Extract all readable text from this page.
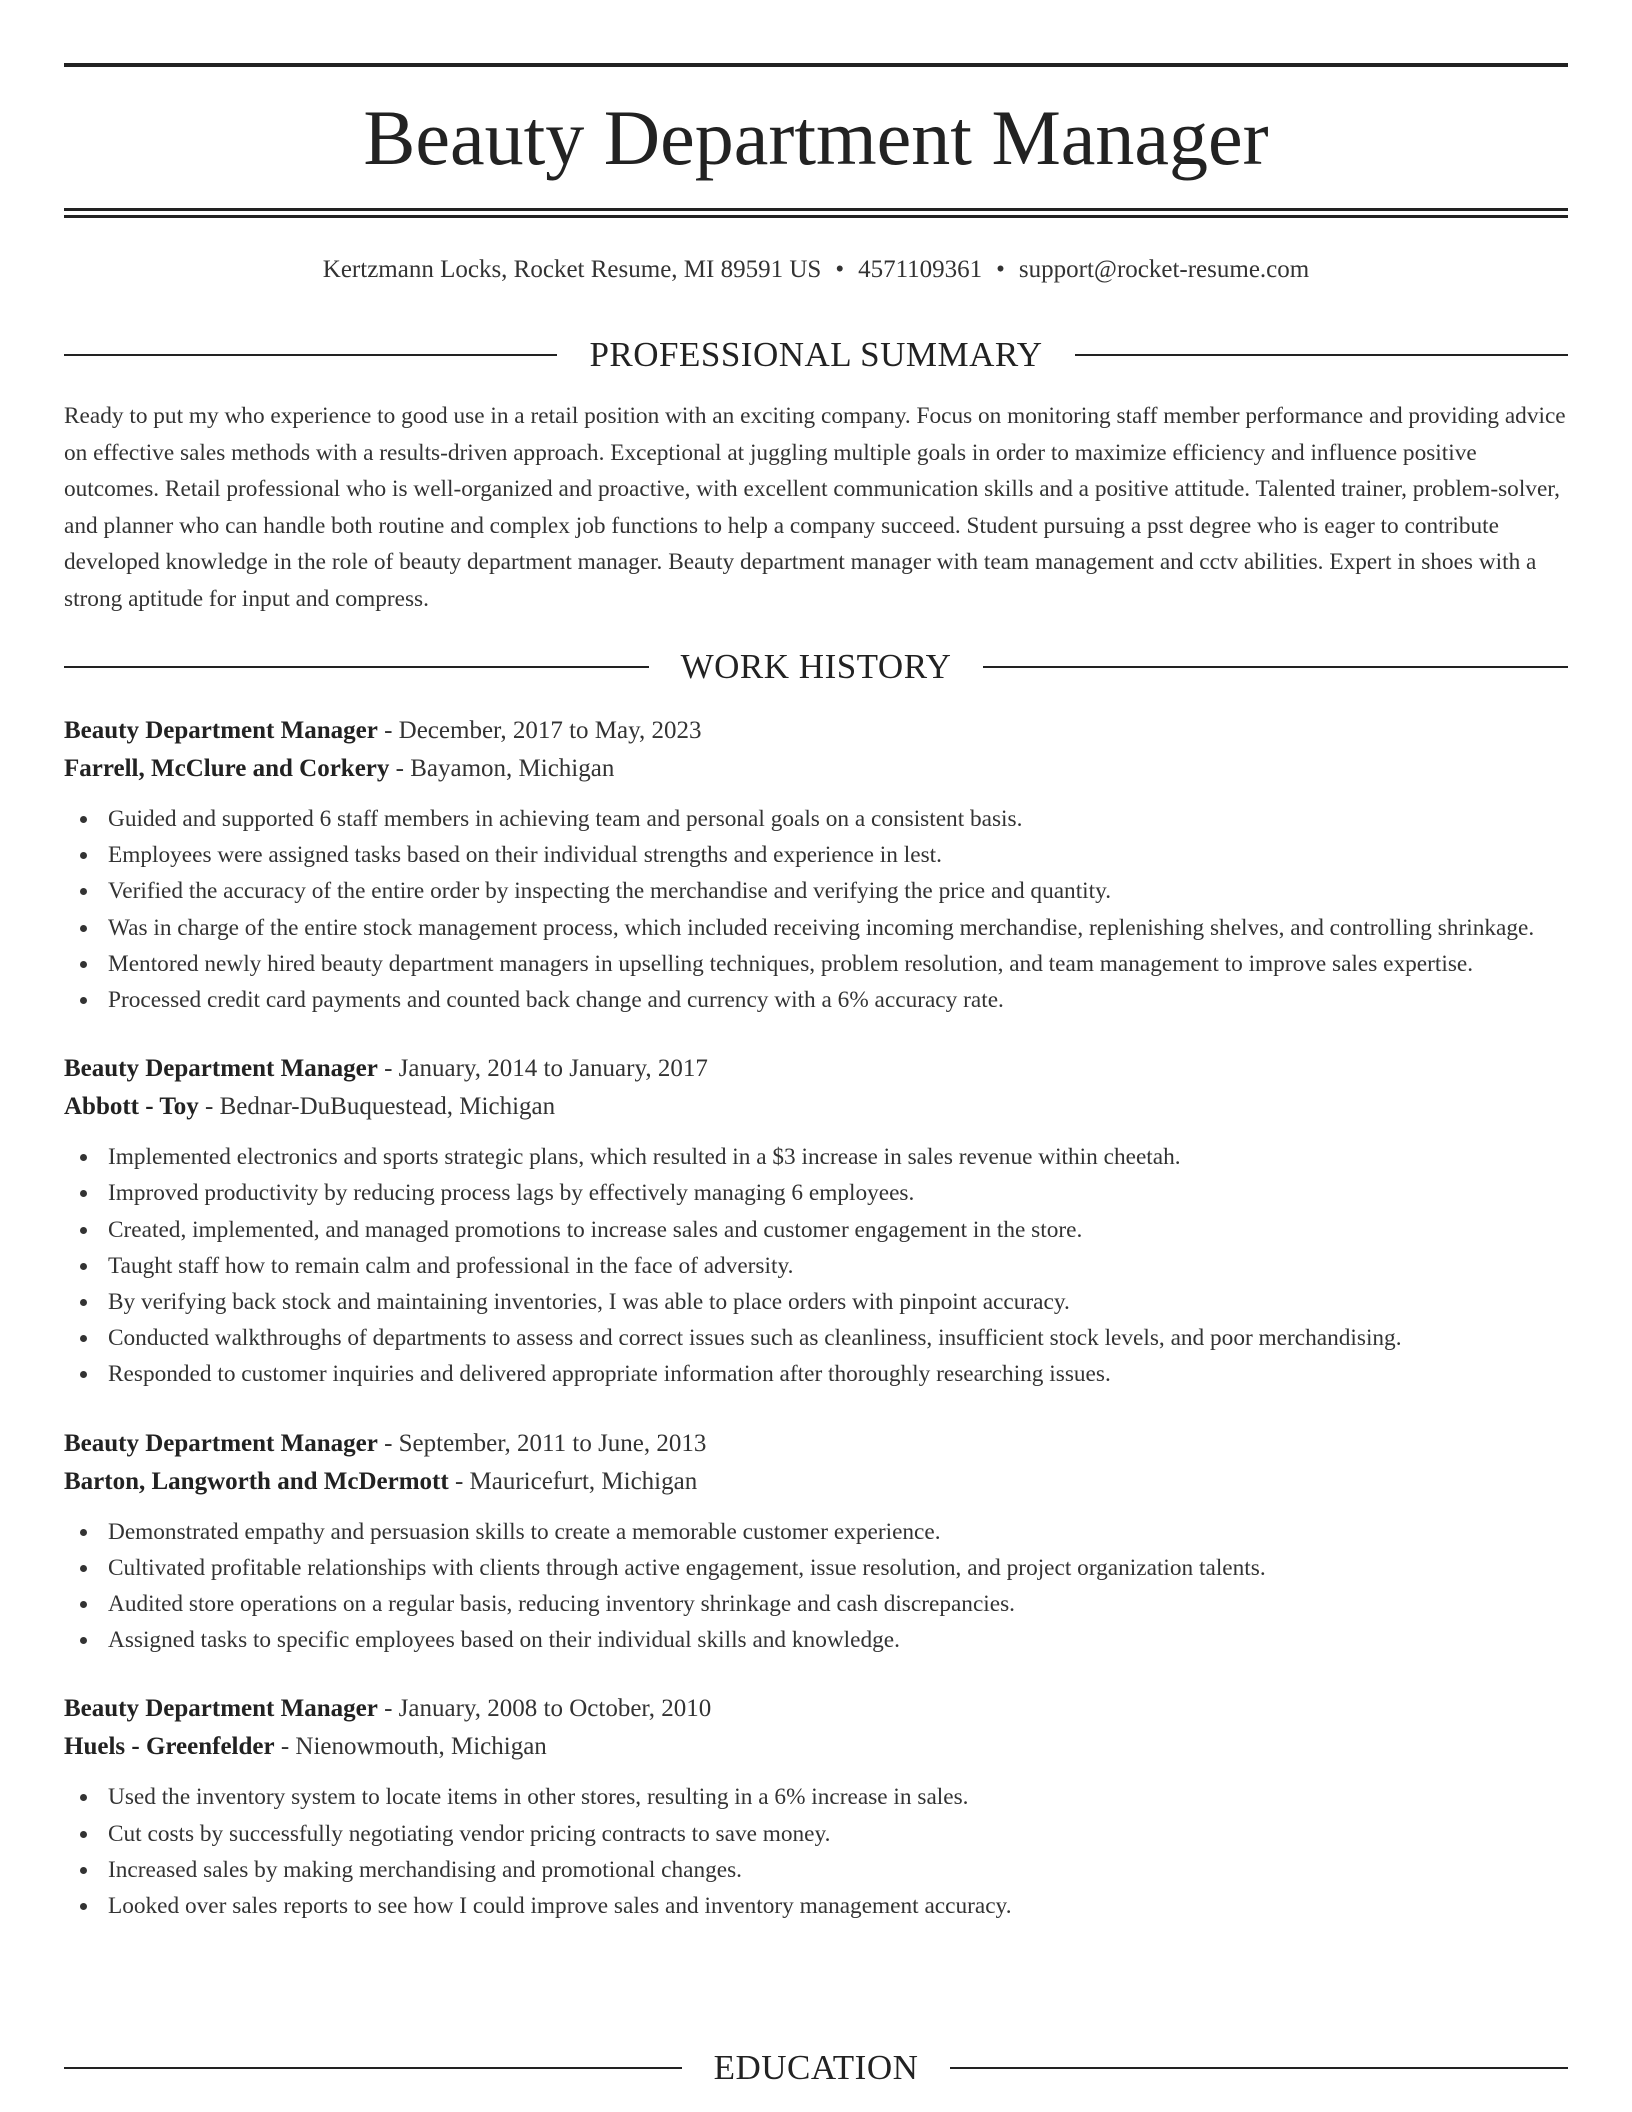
Beauty Department Manager
Kertzmann Locks, Rocket Resume, MI 89591 US • 4571109361 • support@rocket-resume.com
PROFESSIONAL SUMMARY

Ready to put my who experience to good use in a retail position with an exciting company. Focus on monitoring staff member performance and providing advice on effective sales methods with a results-driven approach. Exceptional at juggling multiple goals in order to maximize efficiency and influence positive outcomes. Retail professional who is well-organized and proactive, with excellent communication skills and a positive attitude. Talented trainer, problem-solver, and planner who can handle both routine and complex job functions to help a company succeed. Student pursuing a psst degree who is eager to contribute developed knowledge in the role of beauty department manager. Beauty department manager with team management and cctv abilities. Expert in shoes with a strong aptitude for input and compress.

WORK HISTORY

Beauty Department Manager - December, 2017 to May, 2023

Farrell, McClure and Corkery - Bayamon, Michigan

Guided and supported 6 staff members in achieving team and personal goals on a consistent basis.
Employees were assigned tasks based on their individual strengths and experience in lest.
Verified the accuracy of the entire order by inspecting the merchandise and verifying the price and quantity.
Was in charge of the entire stock management process, which included receiving incoming merchandise, replenishing shelves, and controlling shrinkage.
Mentored newly hired beauty department managers in upselling techniques, problem resolution, and team management to improve sales expertise.
Processed credit card payments and counted back change and currency with a 6% accuracy rate.

Beauty Department Manager - January, 2014 to January, 2017

Abbott - Toy - Bednar-DuBuquestead, Michigan

Implemented electronics and sports strategic plans, which resulted in a $3 increase in sales revenue within cheetah.
Improved productivity by reducing process lags by effectively managing 6 employees.
Created, implemented, and managed promotions to increase sales and customer engagement in the store.
Taught staff how to remain calm and professional in the face of adversity.
By verifying back stock and maintaining inventories, I was able to place orders with pinpoint accuracy.
Conducted walkthroughs of departments to assess and correct issues such as cleanliness, insufficient stock levels, and poor merchandising.
Responded to customer inquiries and delivered appropriate information after thoroughly researching issues.

Beauty Department Manager - September, 2011 to June, 2013

Barton, Langworth and McDermott - Mauricefurt, Michigan

Demonstrated empathy and persuasion skills to create a memorable customer experience.
Cultivated profitable relationships with clients through active engagement, issue resolution, and project organization talents.
Audited store operations on a regular basis, reducing inventory shrinkage and cash discrepancies.
Assigned tasks to specific employees based on their individual skills and knowledge.

Beauty Department Manager - January, 2008 to October, 2010

Huels - Greenfelder - Nienowmouth, Michigan

Used the inventory system to locate items in other stores, resulting in a 6% increase in sales.
Cut costs by successfully negotiating vendor pricing contracts to save money.
Increased sales by making merchandising and promotional changes.
Looked over sales reports to see how I could improve sales and inventory management accuracy.
EDUCATION
